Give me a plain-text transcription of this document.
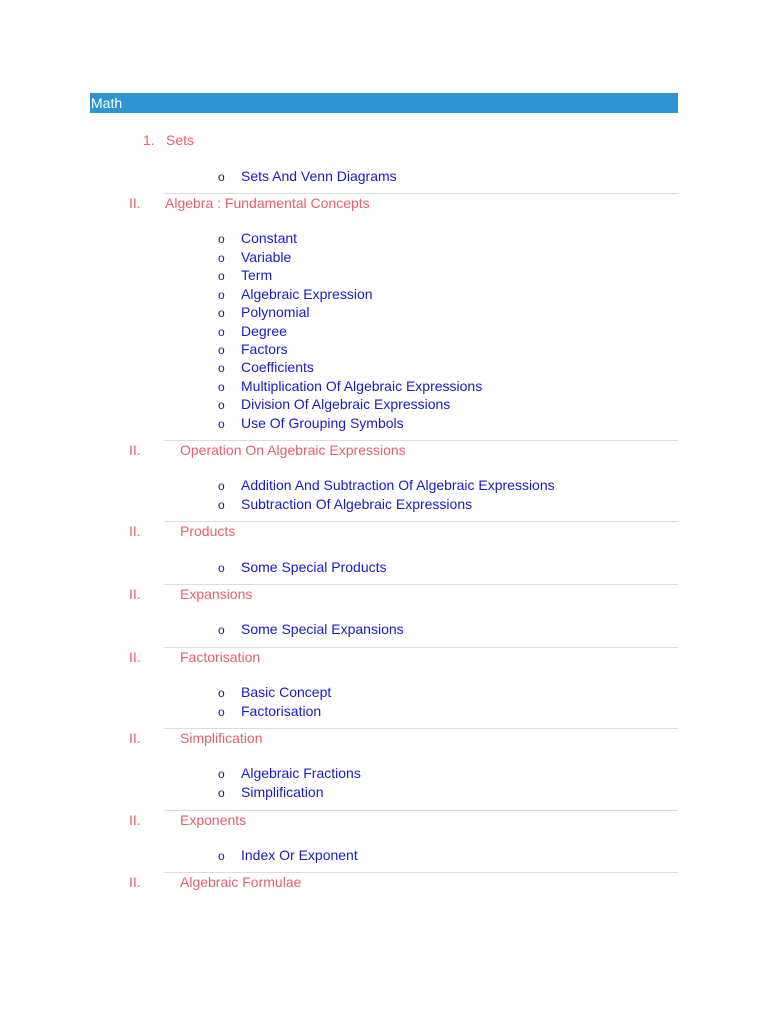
Math
1. Sets
o Sets And Venn Diagrams
II. Algebra : Fundamental Concepts
o Constant
o Variable
o Term
o Algebraic Expression
o Polynomial
o Degree
o Factors
o Coefficients
o Multiplication Of Algebraic Expressions
o Division Of Algebraic Expressions
o Use Of Grouping Symbols
II.	Operation On Algebraic Expressions
o Addition And Subtraction Of Algebraic Expressions
o Subtraction Of Algebraic Expressions
II.	Products
o Some Special Products
II.	Expansions
o Some Special Expansions
II.	Factorisation
o Basic Concept
o Factorisation
II.	Simplification
o Algebraic Fractions
o Simplification
II.	Exponents
o Index Or Exponent
II.	Algebraic Formulae
